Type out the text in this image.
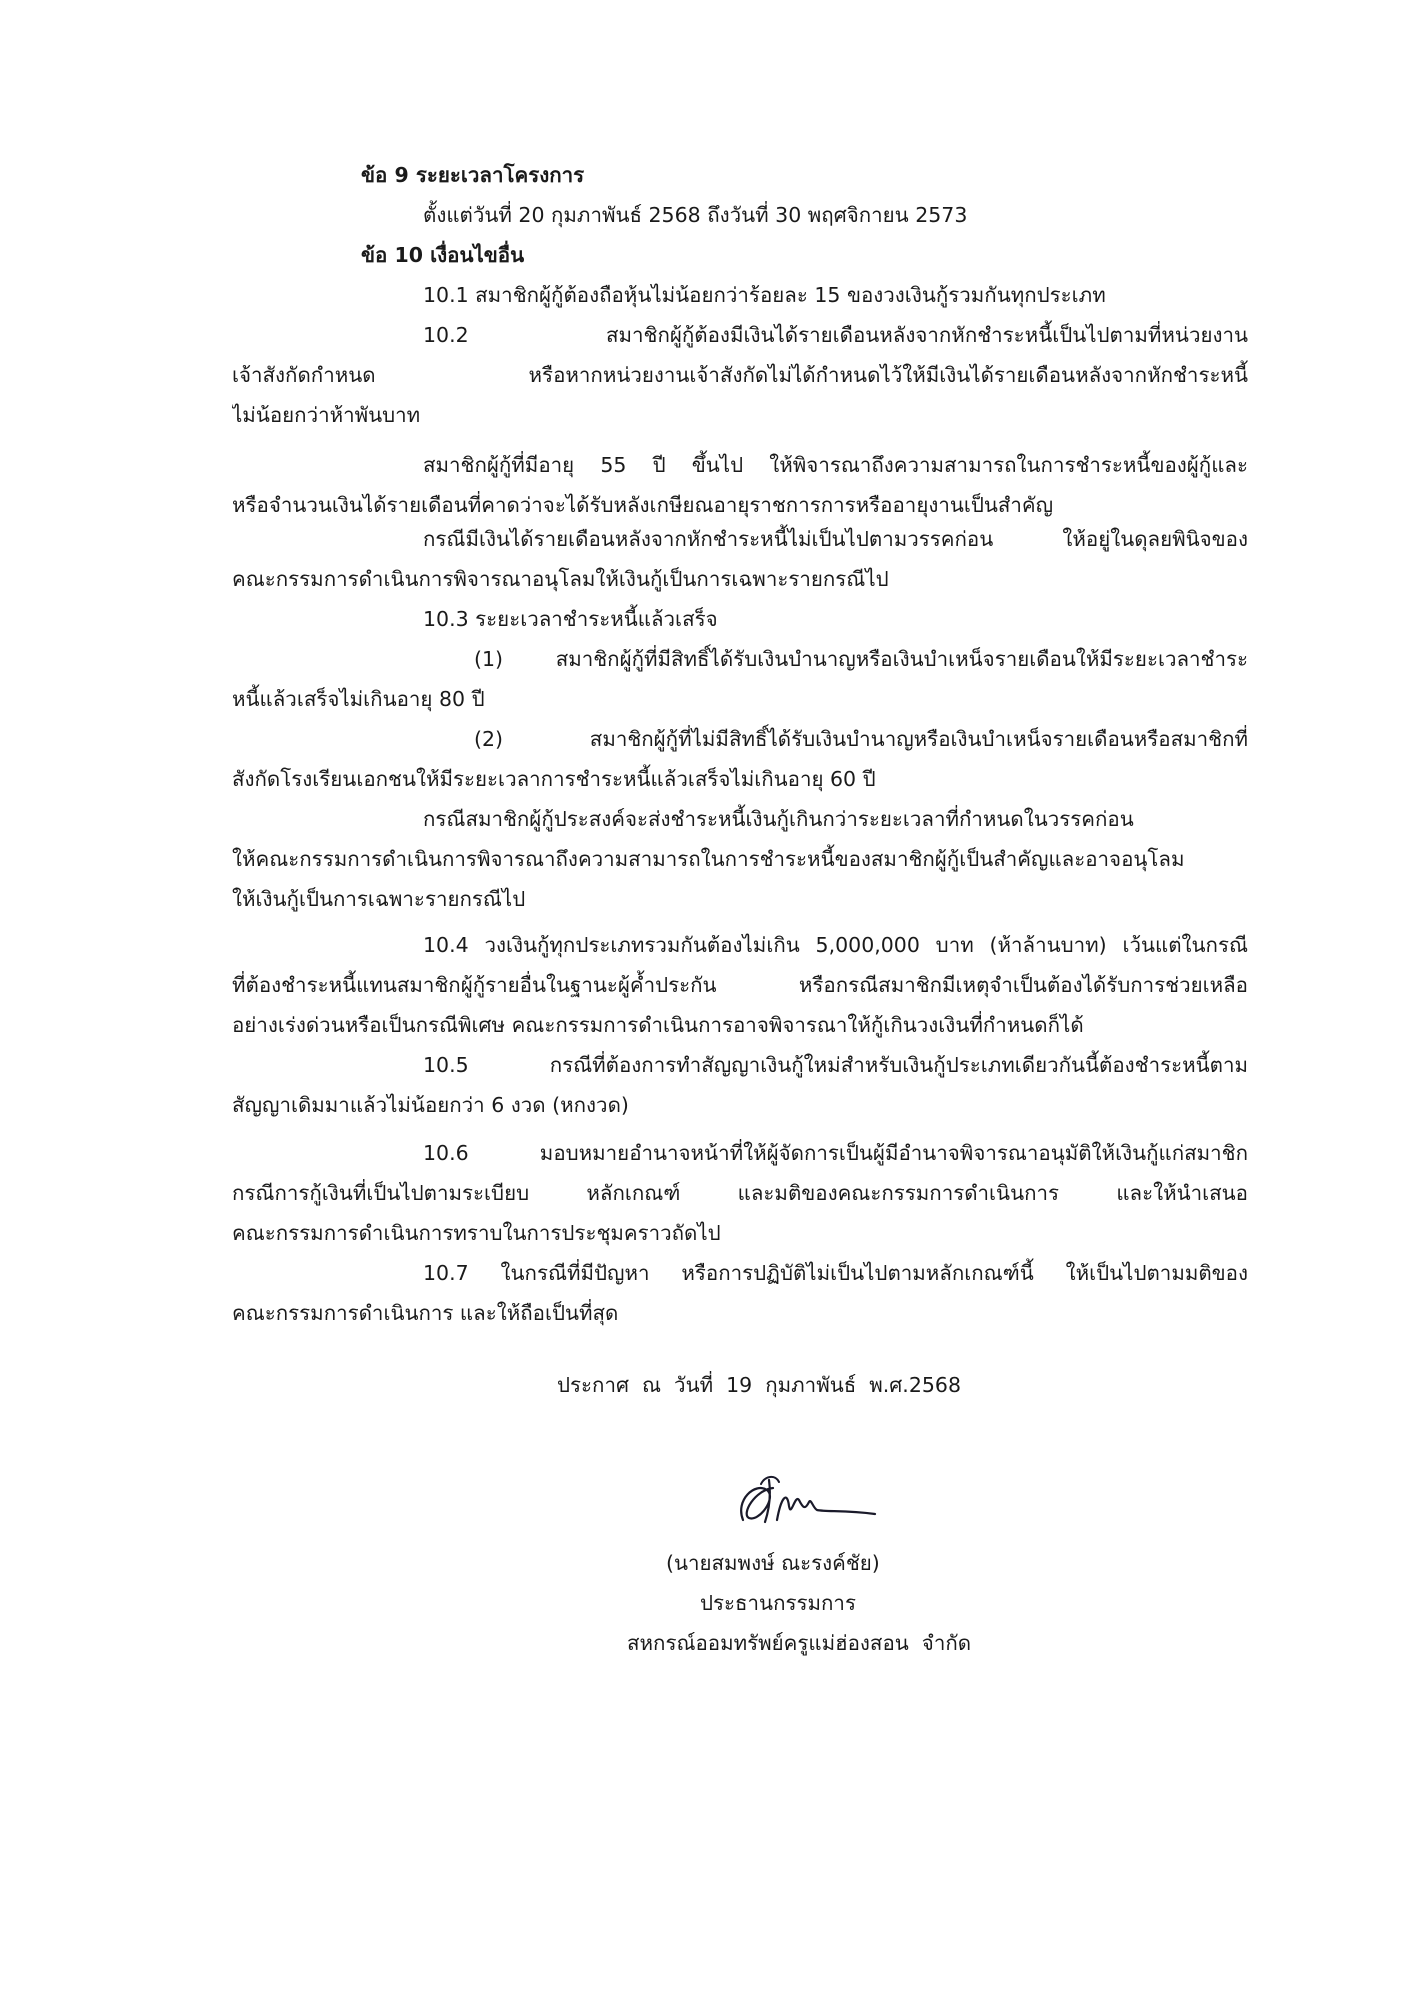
ข้อ 9 ระยะเวลาโครงการ
ตั้งแต่วันที่ 20 กุมภาพันธ์ 2568 ถึงวันที่ 30 พฤศจิกายน 2573
ข้อ 10 เงื่อนไขอื่น
10.1 สมาชิกผู้กู้ต้องถือหุ้นไม่น้อยกว่าร้อยละ 15 ของวงเงินกู้รวมกันทุกประเภท
10.2 สมาชิกผู้กู้ต้องมีเงินได้รายเดือนหลังจากหักชำระหนี้เป็นไปตามที่หน่วยงาน
เจ้าสังกัดกำหนด หรือหากหน่วยงานเจ้าสังกัดไม่ได้กำหนดไว้ให้มีเงินได้รายเดือนหลังจากหักชำระหนี้
ไม่น้อยกว่าห้าพันบาท
สมาชิกผู้กู้ที่มีอายุ 55 ปี ขึ้นไป ให้พิจารณาถึงความสามารถในการชำระหนี้ของผู้กู้และ
หรือจำนวนเงินได้รายเดือนที่คาดว่าจะได้รับหลังเกษียณอายุราชการการหรืออายุงานเป็นสำคัญ
กรณีมีเงินได้รายเดือนหลังจากหักชำระหนี้ไม่เป็นไปตามวรรคก่อน ให้อยู่ในดุลยพินิจของ
คณะกรรมการดำเนินการพิจารณาอนุโลมให้เงินกู้เป็นการเฉพาะรายกรณีไป
10.3 ระยะเวลาชำระหนี้แล้วเสร็จ
(1) สมาชิกผู้กู้ที่มีสิทธิ์ได้รับเงินบำนาญหรือเงินบำเหน็จรายเดือนให้มีระยะเวลาชำระ
หนี้แล้วเสร็จไม่เกินอายุ 80 ปี
(2) สมาชิกผู้กู้ที่ไม่มีสิทธิ์ได้รับเงินบำนาญหรือเงินบำเหน็จรายเดือนหรือสมาชิกที่
สังกัดโรงเรียนเอกชนให้มีระยะเวลาการชำระหนี้แล้วเสร็จไม่เกินอายุ 60 ปี
กรณีสมาชิกผู้กู้ประสงค์จะส่งชำระหนี้เงินกู้เกินกว่าระยะเวลาที่กำหนดในวรรคก่อน
ให้คณะกรรมการดำเนินการพิจารณาถึงความสามารถในการชำระหนี้ของสมาชิกผู้กู้เป็นสำคัญและอาจอนุโลม
ให้เงินกู้เป็นการเฉพาะรายกรณีไป
10.4 วงเงินกู้ทุกประเภทรวมกันต้องไม่เกิน 5,000,000 บาท (ห้าล้านบาท) เว้นแต่ในกรณี
ที่ต้องชำระหนี้แทนสมาชิกผู้กู้รายอื่นในฐานะผู้ค้ำประกัน หรือกรณีสมาชิกมีเหตุจำเป็นต้องได้รับการช่วยเหลือ
อย่างเร่งด่วนหรือเป็นกรณีพิเศษ คณะกรรมการดำเนินการอาจพิจารณาให้กู้เกินวงเงินที่กำหนดก็ได้
10.5 กรณีที่ต้องการทำสัญญาเงินกู้ใหม่สำหรับเงินกู้ประเภทเดียวกันนี้ต้องชำระหนี้ตาม
สัญญาเดิมมาแล้วไม่น้อยกว่า 6 งวด (หกงวด)
10.6 มอบหมายอำนาจหน้าที่ให้ผู้จัดการเป็นผู้มีอำนาจพิจารณาอนุมัติให้เงินกู้แก่สมาชิก
กรณีการกู้เงินที่เป็นไปตามระเบียบ หลักเกณฑ์ และมติของคณะกรรมการดำเนินการ และให้นำเสนอ
คณะกรรมการดำเนินการทราบในการประชุมคราวถัดไป
10.7 ในกรณีที่มีปัญหา หรือการปฏิบัติไม่เป็นไปตามหลักเกณฑ์นี้ ให้เป็นไปตามมติของ
คณะกรรมการดำเนินการ และให้ถือเป็นที่สุด
ประกาศ  ณ  วันที่  19  กุมภาพันธ์  พ.ศ.2568
(นายสมพงษ์ ณะรงค์ชัย)
ประธานกรรมการ
สหกรณ์ออมทรัพย์ครูแม่ฮ่องสอน  จำกัด
